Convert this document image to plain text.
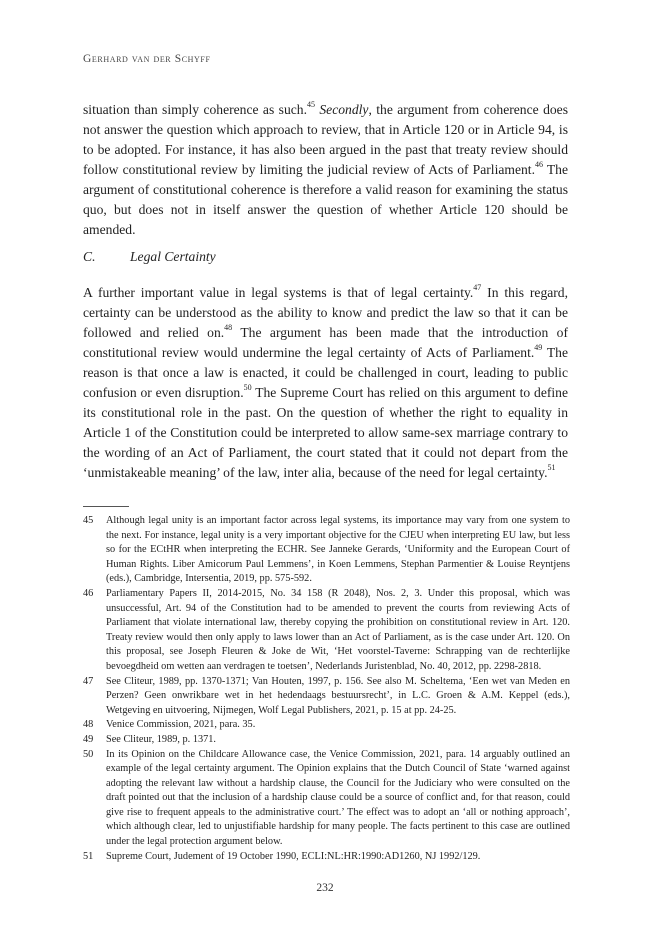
Gerhard van der Schyff

situation than simply coherence as such.$^{45}$ Secondly, the argument from coherence does not answer the question which approach to review, that in Article 120 or in Article 94, is to be adopted. For instance, it has also been argued in the past that treaty review should follow constitutional review by limiting the judicial review of Acts of Parliament.$^{46}$ The argument of constitutional coherence is therefore a valid reason for examining the status quo, but does not in itself answer the question of whether Article 120 should be amended.

C.	Legal Certainty

A further important value in legal systems is that of legal certainty.$^{47}$ In this regard, certainty can be understood as the ability to know and predict the law so that it can be followed and relied on.$^{48}$ The argument has been made that the introduction of constitutional review would undermine the legal certainty of Acts of Parliament.$^{49}$ The reason is that once a law is enacted, it could be challenged in court, leading to public confusion or even disruption.$^{50}$ The Supreme Court has relied on this argument to define its constitutional role in the past. On the question of whether the right to equality in Article 1 of the Constitution could be interpreted to allow same-sex marriage contrary to the wording of an Act of Parliament, the court stated that it could not depart from the ‘unmistakeable meaning’ of the law, inter alia, because of the need for legal certainty.$^{51}$

45	Although legal unity is an important factor across legal systems, its importance may vary from one system to the next. For instance, legal unity is a very important objective for the CJEU when interpreting EU law, but less so for the ECtHR when interpreting the ECHR. See Janneke Gerards, ‘Uniformity and the European Court of Human Rights. Liber Amicorum Paul Lemmens’, in Koen Lemmens, Stephan Parmentier & Louise Reyntjens (eds.), Cambridge, Intersentia, 2019, pp. 575-592.
46	Parliamentary Papers II, 2014-2015, No. 34 158 (R 2048), Nos. 2, 3. Under this proposal, which was unsuccessful, Art. 94 of the Constitution had to be amended to prevent the courts from reviewing Acts of Parliament that violate international law, thereby copying the prohibition on constitutional review in Art. 120. Treaty review would then only apply to laws lower than an Act of Parliament, as is the case under Art. 120. On this proposal, see Joseph Fleuren & Joke de Wit, ‘Het voorstel-Taverne: Schrapping van de rechterlijke bevoegdheid om wetten aan verdragen te toetsen’, Nederlands Juristenblad, No. 40, 2012, pp. 2298-2818.
47	See Cliteur, 1989, pp. 1370-1371; Van Houten, 1997, p. 156. See also M. Scheltema, ‘Een wet van Meden en Perzen? Geen onwrikbare wet in het hedendaags bestuursrecht’, in L.C. Groen & A.M. Keppel (eds.), Wetgeving en uitvoering, Nijmegen, Wolf Legal Publishers, 2021, p. 15 at pp. 24-25.
48	Venice Commission, 2021, para. 35.
49	See Cliteur, 1989, p. 1371.
50	In its Opinion on the Childcare Allowance case, the Venice Commission, 2021, para. 14 arguably outlined an example of the legal certainty argument. The Opinion explains that the Dutch Council of State ‘warned against adopting the relevant law without a hardship clause, the Council for the Judiciary who were consulted on the draft pointed out that the inclusion of a hardship clause could be a source of conflict and, for that reason, could give rise to frequent appeals to the administrative court.’ The effect was to adopt an ‘all or nothing approach’, which although clear, led to unjustifiable hardship for many people. The facts pertinent to this case are outlined under the legal protection argument below.
51	Supreme Court, Judement of 19 October 1990, ECLI:NL:HR:1990:AD1260, NJ 1992/129.
232
